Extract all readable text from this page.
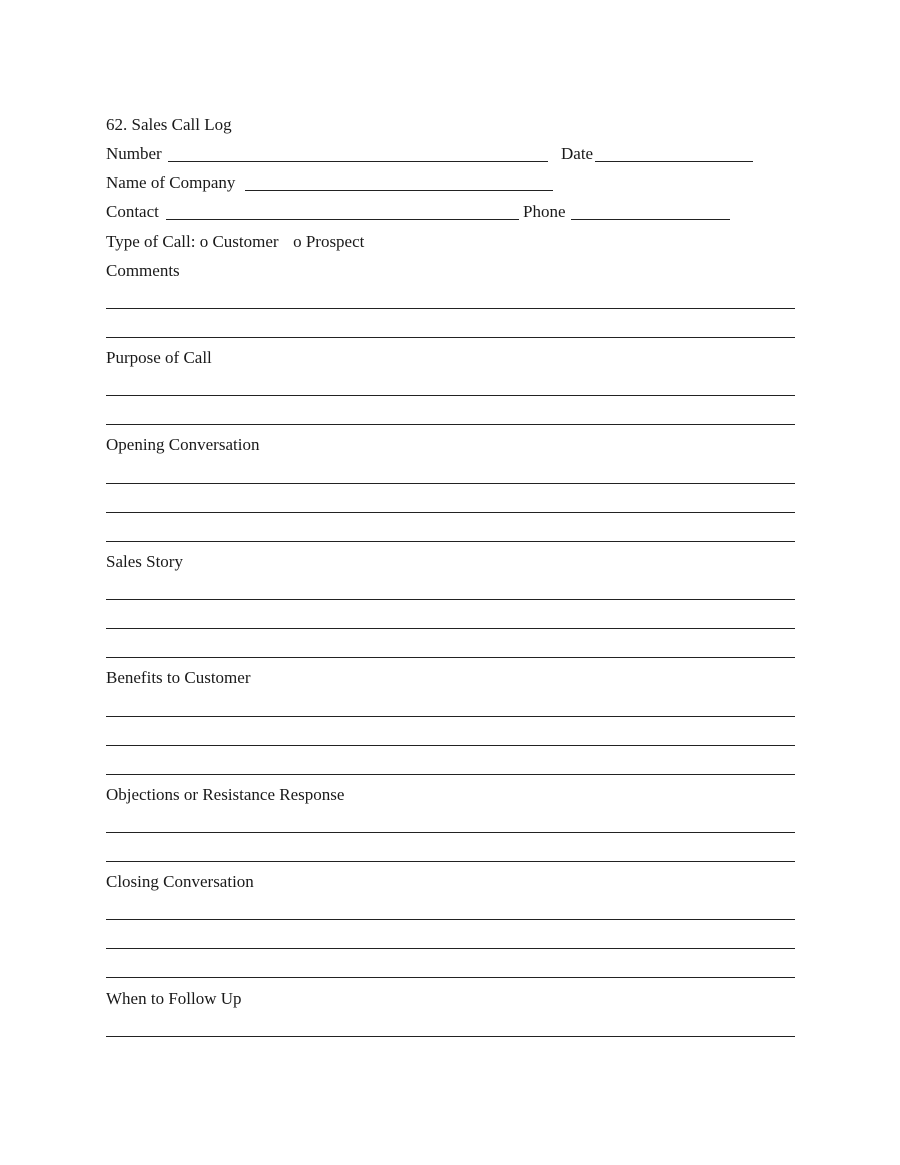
62. Sales Call Log
Number	Date
Name of Company
Contact	Phone
Type of Call: o Customer o Prospect
Comments
Purpose of Call
Opening Conversation
Sales Story
Benefits to Customer
Objections or Resistance Response
Closing Conversation
When to Follow Up
